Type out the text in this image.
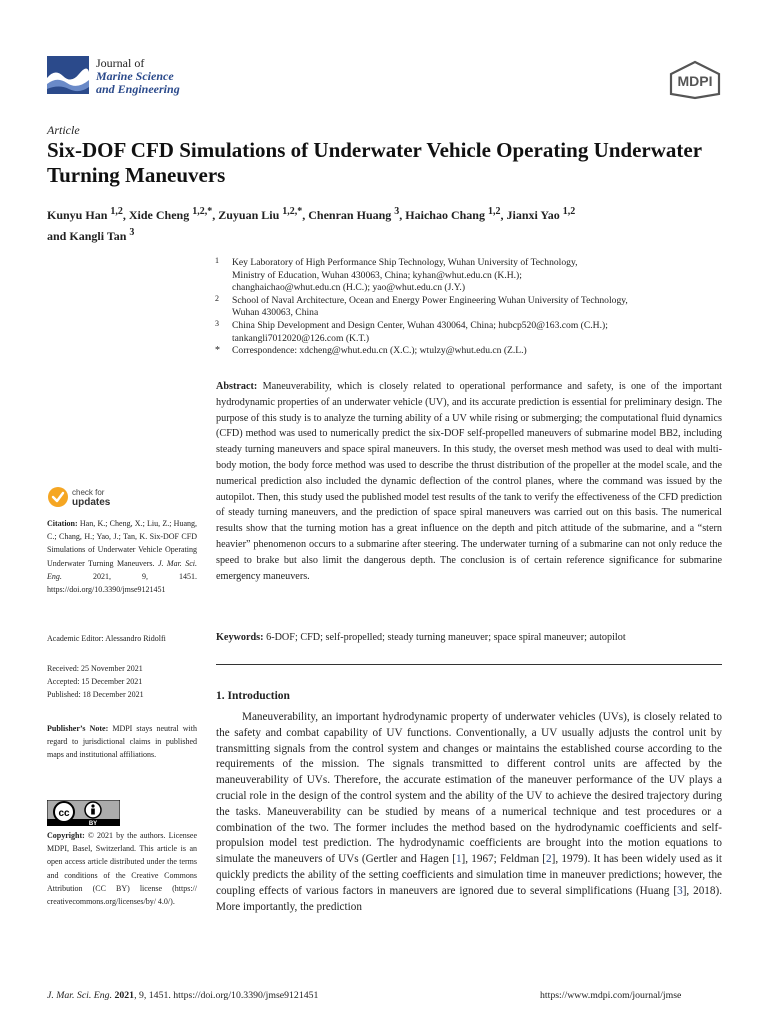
Journal of
Marine Science
and Engineering	MDPI
Article
Six-DOF CFD Simulations of Underwater Vehicle Operating Underwater Turning Maneuvers
Kunyu Han $^{1,2}$, Xide Cheng $^{1,2,*}$, Zuyuan Liu $^{1,2,*}$, Chenran Huang $^3$, Haichao Chang $^{1,2}$, Jianxi Yao $^{1,2}$
and Kangli Tan $^3$
1 Key Laboratory of High Performance Ship Technology, Wuhan University of Technology,
Ministry of Education, Wuhan 430063, China; kyhan@whut.edu.cn (K.H.);
changhaichao@whut.edu.cn (H.C.); yao@whut.edu.cn (J.Y.)
2 School of Naval Architecture, Ocean and Energy Power Engineering Wuhan University of Technology,
Wuhan 430063, China
3 China Ship Development and Design Center, Wuhan 430064, China; hubcp520@163.com (C.H.);
tankangli7012020@126.com (K.T.)
* Correspondence: xdcheng@whut.edu.cn (X.C.); wtulzy@whut.edu.cn (Z.L.)
Abstract: Maneuverability, which is closely related to operational performance and safety, is one of the important hydrodynamic properties of an underwater vehicle (UV), and its accurate prediction is essential for preliminary design. The purpose of this study is to analyze the turning ability of a UV while rising or submerging; the computational fluid dynamics (CFD) method was used to numerically predict the six-DOF self-propelled maneuvers of submarine model BB2, including steady turning maneuvers and space spiral maneuvers. In this study, the overset mesh method was used to deal with multi-body motion, the body force method was used to describe the thrust distribution of the propeller at the model scale, and the numerical prediction also included the dynamic deflection of the control planes, where the command was issued by the autopilot. Then, this study used the published model test results of the tank to verify the effectiveness of the CFD prediction of steady turning maneuvers, and the prediction of space spiral maneuvers was carried out on this basis. The numerical results show that the turning motion has a great influence on the depth and pitch attitude of the submarine, and a “stern heavier” phenomenon occurs to a submarine after steering. The underwater turning of a submarine can not only reduce the speed to brake but also limit the dangerous depth. The conclusion is of certain reference significance for submarine emergency maneuvers.
Keywords: 6-DOF; CFD; self-propelled; steady turning maneuver; space spiral maneuver; autopilot
1. Introduction

Maneuverability, an important hydrodynamic property of underwater vehicles (UVs), is closely related to the safety and combat capability of UV functions. Conventionally, a UV usually adjusts the control unit by transmitting signals from the control system and changes or maintains the established course according to the requirements of the mission. The signals transmitted to different control units are affected by the maneuverability of UVs. Therefore, the accurate estimation of the maneuver performance of the UV plays a crucial role in the design of the control system and the ability of the UV to achieve the desired trajectory during the tasks. Maneuverability can be studied by means of a numerical technique and test procedures or a combination of the two. The former includes the method based on the hydrodynamic coefficients and self-propulsion model test prediction. The hydrodynamic coefficients are brought into the motion equations to simulate the maneuvers of UVs (Gertler and Hagen [1], 1967; Feldman [2], 1979). It has been widely used as it quickly predicts the ability of the setting coefficients and simulation time in maneuver predictions; however, the coupling effects of various factors in maneuvers are ignored due to several simplifications (Huang [3], 2018). More importantly, the prediction

check for
updates
Citation: Han, K.; Cheng, X.; Liu, Z.; Huang, C.; Chang, H.; Yao, J.; Tan, K. Six-DOF CFD Simulations of Underwater Vehicle Operating Underwater Turning Maneuvers. J. Mar. Sci. Eng.	2021, 9, 1451. https://doi.org/10.3390/jmse9121451
Academic Editor: Alessandro Ridolfi
Received: 25 November 2021
Accepted: 15 December 2021
Published: 18 December 2021
Publisher’s Note: MDPI stays neutral with regard to jurisdictional claims in published maps and institutional affiliations.
cc
BY
Copyright: © 2021 by the authors. Licensee MDPI, Basel, Switzerland. This article is an open access article distributed under the terms and conditions of the Creative Commons Attribution (CC BY) license (https:// creativecommons.org/licenses/by/ 4.0/).
J. Mar. Sci. Eng. 2021, 9, 1451. https://doi.org/10.3390/jmse9121451	https://www.mdpi.com/journal/jmse
